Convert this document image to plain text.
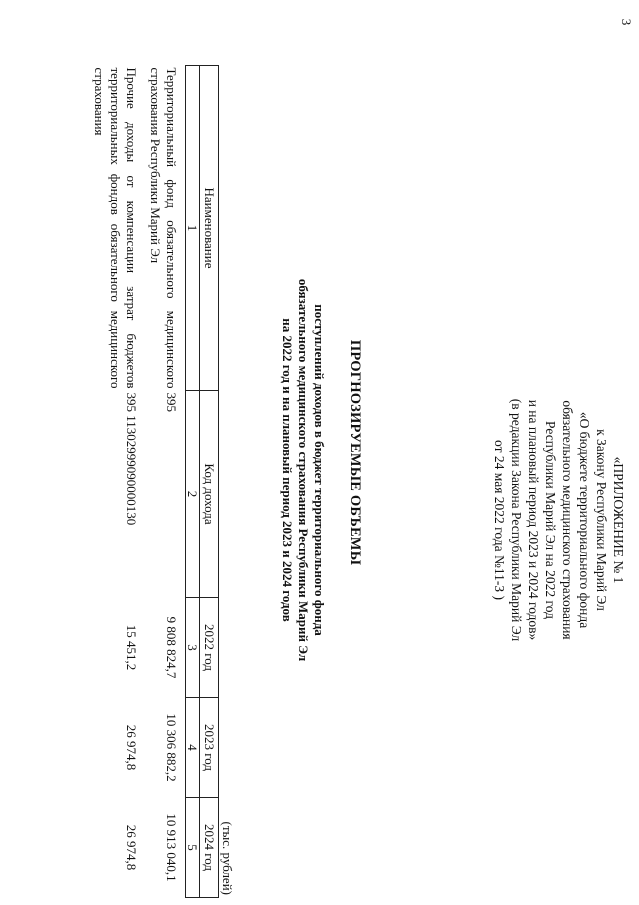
3
«ПРИЛОЖЕНИЕ № 1
к Закону Республики Марий Эл
«О бюджете территориального фонда
обязательного медицинского страхования
Республики Марий Эл на 2022 год
и на плановый период 2023 и 2024 годов»
(в редакции Закона Республики Марий Эл
от 24 мая 2022 года №11-З )
ПРОГНОЗИРУЕМЫЕ ОБЪЕМЫ
поступлений доходов в бюджет территориального фонда
обязательного медицинского страхования Республики Марий Эл
на 2022 год и на плановый период 2023 и 2024 годов
(тыс. рублей)
Наименование	Код дохода	2022 год	2023 год	2024 год
1	2	3	4	5
Территориальный фонд обязательного медицинского страхования Республики Марий Эл	395	9 808 824,7	10 306 882,2	10 913 040,1
Прочие доходы от компенсации затрат бюджетов территориальных фондов обязательного медицинского страхования	395 11302999090000130	15 451,2	26 974,8	26 974,8
